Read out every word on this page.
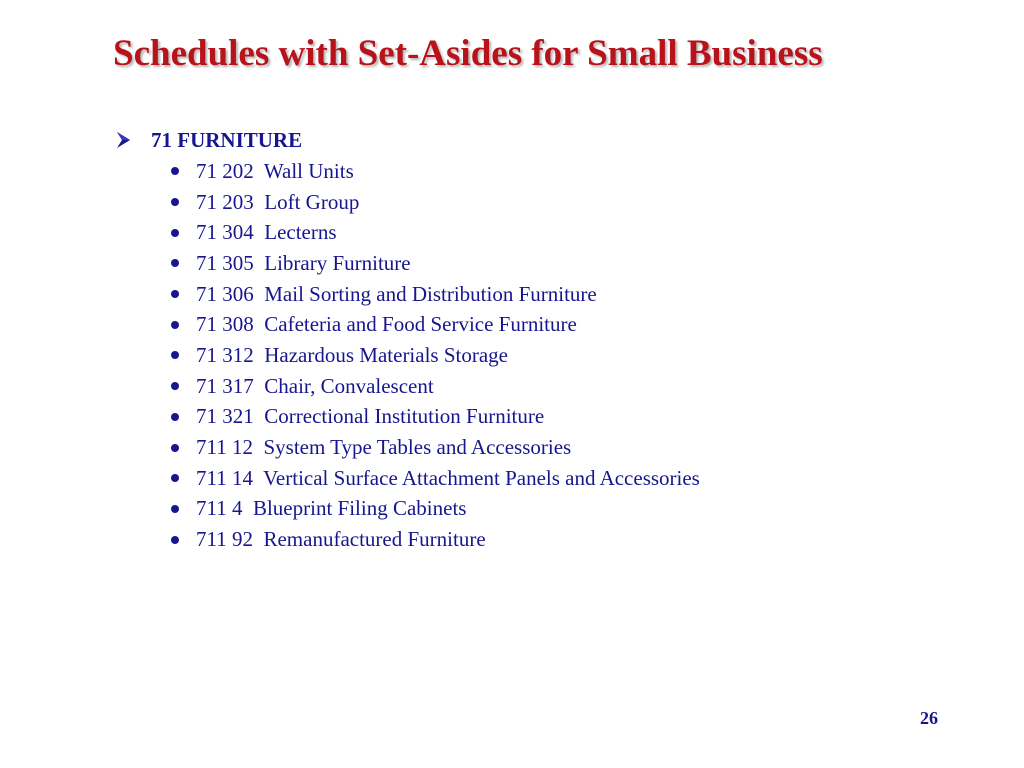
Schedules with Set-Asides for Small Business
71 FURNITURE
71 202  Wall Units
71 203  Loft Group
71 304  Lecterns
71 305  Library Furniture
71 306  Mail Sorting and Distribution Furniture
71 308  Cafeteria and Food Service Furniture
71 312  Hazardous Materials Storage
71 317  Chair, Convalescent
71 321  Correctional Institution Furniture
711 12  System Type Tables and Accessories
711 14  Vertical Surface Attachment Panels and Accessories
711 4  Blueprint Filing Cabinets
711 92  Remanufactured Furniture
26
